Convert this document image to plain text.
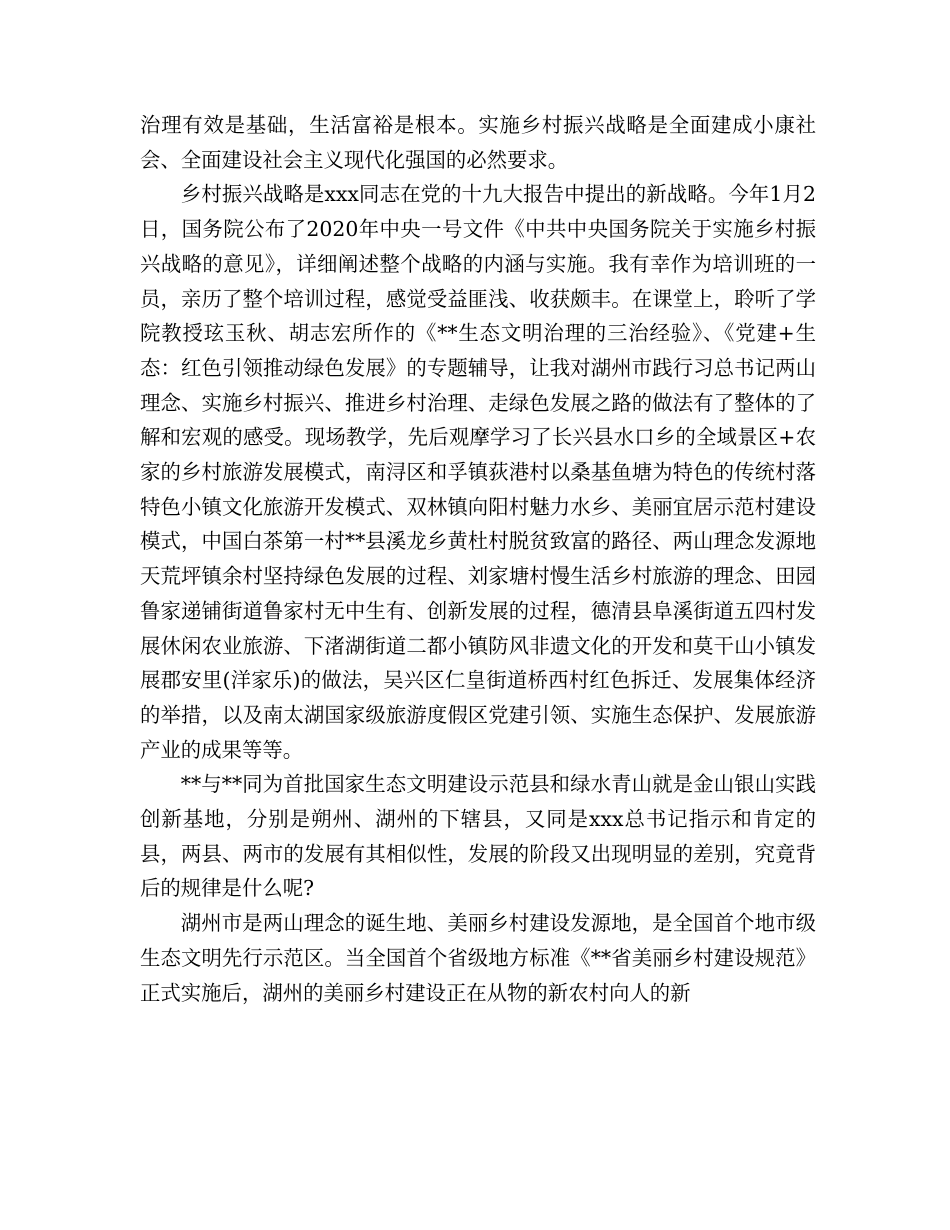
治理有效是基础，生活富裕是根本。实施乡村振兴战略是全面建成小康社会、全面建设社会主义现代化强国的必然要求。

乡村振兴战略是xxx同志在党的十九大报告中提出的新战略。今年1月2日，国务院公布了2020年中央一号文件《中共中央国务院关于实施乡村振兴战略的意见》，详细阐述整个战略的内涵与实施。我有幸作为培训班的一员，亲历了整个培训过程，感觉受益匪浅、收获颇丰。在课堂上，聆听了学院教授玹玉秋、胡志宏所作的《**生态文明治理的三治经验》、《党建+生态：红色引领推动绿色发展》的专题辅导，让我对湖州市践行习总书记两山理念、实施乡村振兴、推进乡村治理、走绿色发展之路的做法有了整体的了解和宏观的感受。现场教学，先后观摩学习了长兴县水口乡的全域景区+农家的乡村旅游发展模式，南浔区和孚镇荻港村以桑基鱼塘为特色的传统村落特色小镇文化旅游开发模式、双林镇向阳村魅力水乡、美丽宜居示范村建设模式，中国白茶第一村**县溪龙乡黄杜村脱贫致富的路径、两山理念发源地天荒坪镇余村坚持绿色发展的过程、刘家塘村慢生活乡村旅游的理念、田园鲁家递铺街道鲁家村无中生有、创新发展的过程，德清县阜溪街道五四村发展休闲农业旅游、下渚湖街道二都小镇防风非遗文化的开发和莫干山小镇发展郡安里(洋家乐)的做法，吴兴区仁皇街道桥西村红色拆迁、发展集体经济的举措，以及南太湖国家级旅游度假区党建引领、实施生态保护、发展旅游产业的成果等等。

**与**同为首批国家生态文明建设示范县和绿水青山就是金山银山实践创新基地，分别是朔州、湖州的下辖县，又同是xxx总书记指示和肯定的县，两县、两市的发展有其相似性，发展的阶段又出现明显的差别，究竟背后的规律是什么呢?

湖州市是两山理念的诞生地、美丽乡村建设发源地，是全国首个地市级生态文明先行示范区。当全国首个省级地方标准《**省美丽乡村建设规范》正式实施后，湖州的美丽乡村建设正在从物的新农村向人的新
